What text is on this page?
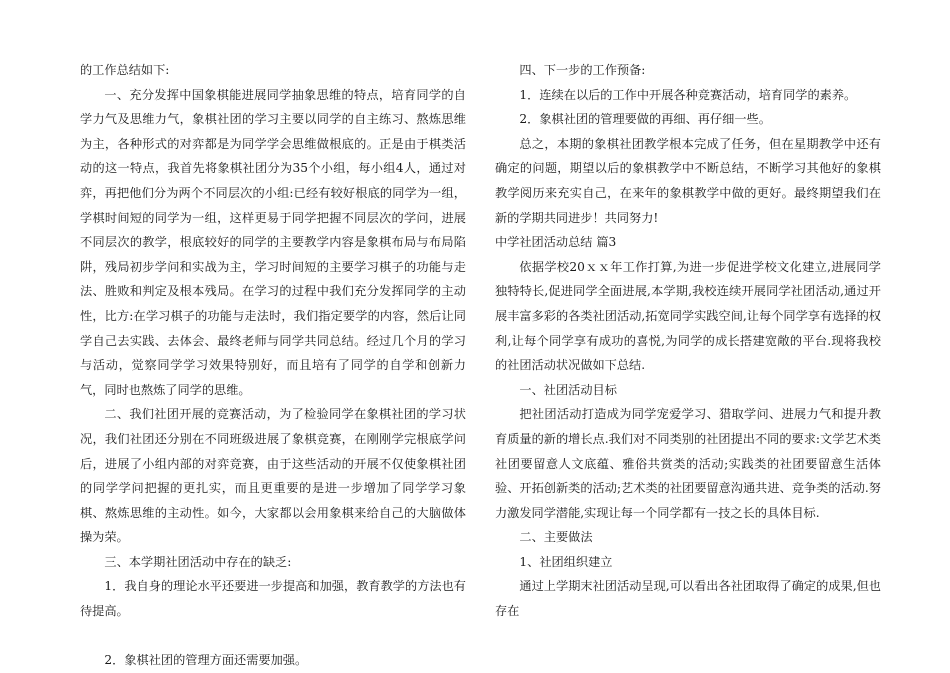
的工作总结如下:

一、充分发挥中国象棋能进展同学抽象思维的特点，培育同学的自学力气及思维力气，象棋社团的学习主要以同学的自主练习、熬炼思维为主，各种形式的对弈都是为同学学会思维做根底的。正是由于棋类活动的这一特点，我首先将象棋社团分为35个小组，每小组4人，通过对弈，再把他们分为两个不同层次的小组:已经有较好根底的同学为一组，学棋时间短的同学为一组，这样更易于同学把握不同层次的学问，进展不同层次的教学，根底较好的同学的主要教学内容是象棋布局与布局陷阱，残局初步学问和实战为主，学习时间短的主要学习棋子的功能与走法、胜败和判定及根本残局。在学习的过程中我们充分发挥同学的主动性，比方:在学习棋子的功能与走法时，我们指定要学的内容，然后让同学自己去实践、去体会、最终老师与同学共同总结。经过几个月的学习与活动，觉察同学学习效果特别好，而且培有了同学的自学和创新力气，同时也熬炼了同学的思维。

二、我们社团开展的竞赛活动，为了检验同学在象棋社团的学习状况，我们社团还分别在不同班级进展了象棋竞赛，在刚刚学完根底学问后，进展了小组内部的对弈竞赛，由于这些活动的开展不仅使象棋社团的同学学问把握的更扎实，而且更重要的是进一步增加了同学学习象棋、熬炼思维的主动性。如今，大家都以会用象棋来给自己的大脑做体操为荣。

三、本学期社团活动中存在的缺乏:

1．我自身的理论水平还要进一步提高和加强，教育教学的方法也有待提高。

2．象棋社团的管理方面还需要加强。

四、下一步的工作预备:

1．连续在以后的工作中开展各种竞赛活动，培育同学的素养。

2．象棋社团的管理要做的再细、再仔细一些。

总之，本期的象棋社团教学根本完成了任务，但在星期教学中还有确定的问题，期望以后的象棋教学中不断总结，不断学习其他好的象棋教学阅历来充实自己，在来年的象棋教学中做的更好。最终期望我们在新的学期共同进步！共同努力!

中学社团活动总结 篇3

依据学校20ｘｘ年工作打算,为进一步促进学校文化建立,进展同学独特特长,促进同学全面进展,本学期,我校连续开展同学社团活动,通过开展丰富多彩的各类社团活动,拓宽同学实践空间,让每个同学享有选择的权利,让每个同学享有成功的喜悦,为同学的成长搭建宽敞的平台.现将我校的社团活动状况做如下总结.

一、社团活动目标

把社团活动打造成为同学宠爱学习、猎取学问、进展力气和提升教育质量的新的增长点.我们对不同类别的社团提出不同的要求:文学艺术类社团要留意人文底蕴、雅俗共赏类的活动;实践类的社团要留意生活体验、开拓创新类的活动;艺术类的社团要留意沟通共进、竞争类的活动.努力激发同学潜能,实现让每一个同学都有一技之长的具体目标.

二、主要做法

1、社团组织建立

通过上学期末社团活动呈现,可以看出各社团取得了确定的成果,但也存在
